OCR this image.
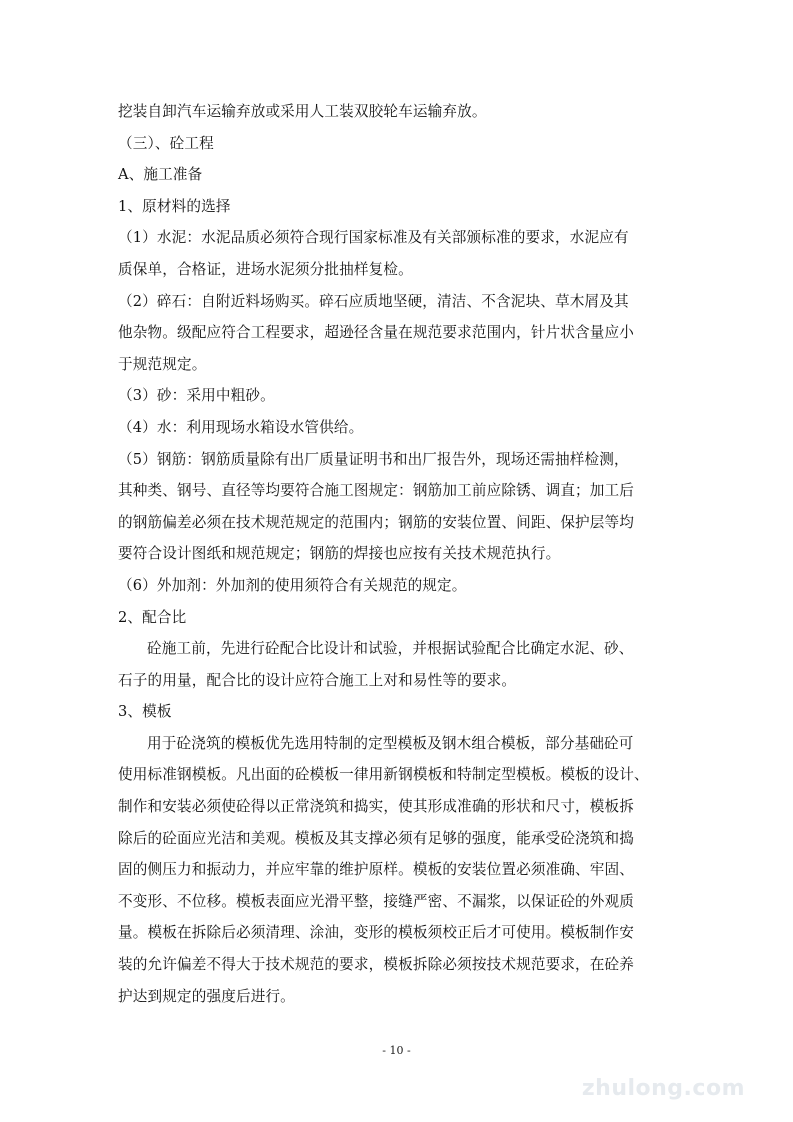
挖装自卸汽车运输弃放或采用人工装双胶轮车运输弃放。
（三）、砼工程
A、施工准备
1、原材料的选择
（1）水泥：水泥品质必须符合现行国家标准及有关部颁标准的要求，水泥应有
质保单，合格证，进场水泥须分批抽样复检。
（2）碎石：自附近料场购买。碎石应质地坚硬，清洁、不含泥块、草木屑及其
他杂物。级配应符合工程要求，超逊径含量在规范要求范围内，针片状含量应小
于规范规定。
（3）砂：采用中粗砂。
（4）水：利用现场水箱设水管供给。
（5）钢筋：钢筋质量除有出厂质量证明书和出厂报告外，现场还需抽样检测，
其种类、钢号、直径等均要符合施工图规定：钢筋加工前应除锈、调直；加工后
的钢筋偏差必须在技术规范规定的范围内；钢筋的安装位置、间距、保护层等均
要符合设计图纸和规范规定；钢筋的焊接也应按有关技术规范执行。
（6）外加剂：外加剂的使用须符合有关规范的规定。
2、配合比
砼施工前，先进行砼配合比设计和试验，并根据试验配合比确定水泥、砂、
石子的用量，配合比的设计应符合施工上对和易性等的要求。
3、模板
用于砼浇筑的模板优先选用特制的定型模板及钢木组合模板，部分基础砼可
使用标准钢模板。凡出面的砼模板一律用新钢模板和特制定型模板。模板的设计、
制作和安装必须使砼得以正常浇筑和捣实，使其形成准确的形状和尺寸，模板拆
除后的砼面应光洁和美观。模板及其支撑必须有足够的强度，能承受砼浇筑和捣
固的侧压力和振动力，并应牢靠的维护原样。模板的安装位置必须准确、牢固、
不变形、不位移。模板表面应光滑平整，接缝严密、不漏浆，以保证砼的外观质
量。模板在拆除后必须清理、涂油，变形的模板须校正后才可使用。模板制作安
装的允许偏差不得大于技术规范的要求，模板拆除必须按技术规范要求，在砼养
护达到规定的强度后进行。
- 10 -
zhulong.com
